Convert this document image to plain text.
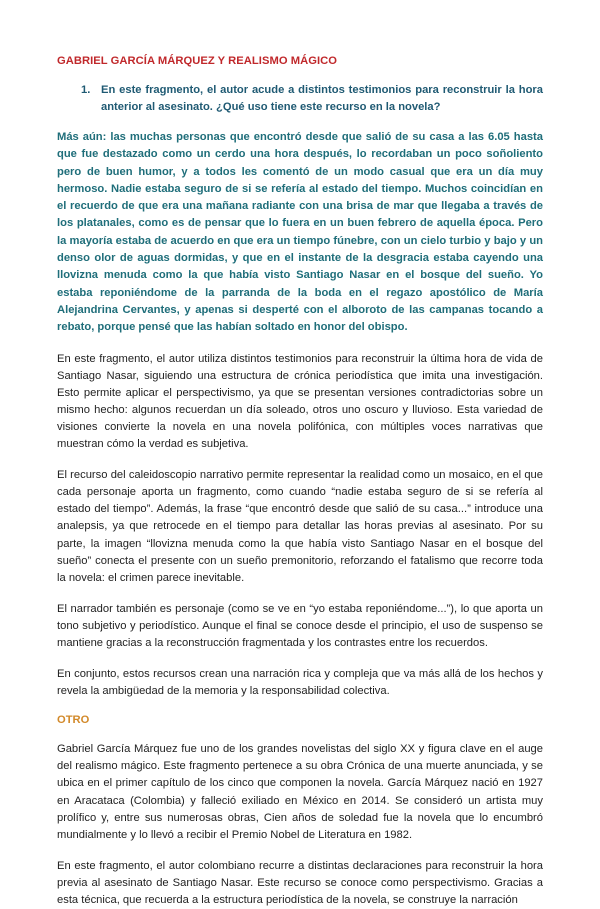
GABRIEL GARCÍA MÁRQUEZ Y REALISMO MÁGICO
1. En este fragmento, el autor acude a distintos testimonios para reconstruir la hora anterior al asesinato. ¿Qué uso tiene este recurso en la novela?
Más aún: las muchas personas que encontró desde que salió de su casa a las 6.05 hasta que fue destazado como un cerdo una hora después, lo recordaban un poco soñoliento pero de buen humor, y a todos les comentó de un modo casual que era un día muy hermoso. Nadie estaba seguro de si se refería al estado del tiempo. Muchos coincidían en el recuerdo de que era una mañana radiante con una brisa de mar que llegaba a través de los platanales, como es de pensar que lo fuera en un buen febrero de aquella época. Pero la mayoría estaba de acuerdo en que era un tiempo fúnebre, con un cielo turbio y bajo y un denso olor de aguas dormidas, y que en el instante de la desgracia estaba cayendo una llovizna menuda como la que había visto Santiago Nasar en el bosque del sueño. Yo estaba reponiéndome de la parranda de la boda en el regazo apostólico de María Alejandrina Cervantes, y apenas si desperté con el alboroto de las campanas tocando a rebato, porque pensé que las habían soltado en honor del obispo.

En este fragmento, el autor utiliza distintos testimonios para reconstruir la última hora de vida de Santiago Nasar, siguiendo una estructura de crónica periodística que imita una investigación. Esto permite aplicar el perspectivismo, ya que se presentan versiones contradictorias sobre un mismo hecho: algunos recuerdan un día soleado, otros uno oscuro y lluvioso. Esta variedad de visiones convierte la novela en una novela polifónica, con múltiples voces narrativas que muestran cómo la verdad es subjetiva.

El recurso del caleidoscopio narrativo permite representar la realidad como un mosaico, en el que cada personaje aporta un fragmento, como cuando “nadie estaba seguro de si se refería al estado del tiempo”. Además, la frase “que encontró desde que salió de su casa...” introduce una analepsis, ya que retrocede en el tiempo para detallar las horas previas al asesinato. Por su parte, la imagen “llovizna menuda como la que había visto Santiago Nasar en el bosque del sueño” conecta el presente con un sueño premonitorio, reforzando el fatalismo que recorre toda la novela: el crimen parece inevitable.

El narrador también es personaje (como se ve en “yo estaba reponiéndome...”), lo que aporta un tono subjetivo y periodístico. Aunque el final se conoce desde el principio, el uso de suspenso se mantiene gracias a la reconstrucción fragmentada y los contrastes entre los recuerdos.

En conjunto, estos recursos crean una narración rica y compleja que va más allá de los hechos y revela la ambigüedad de la memoria y la responsabilidad colectiva.

OTRO

Gabriel García Márquez fue uno de los grandes novelistas del siglo XX y figura clave en el auge del realismo mágico. Este fragmento pertenece a su obra Crónica de una muerte anunciada, y se ubica en el primer capítulo de los cinco que componen la novela. García Márquez nació en 1927 en Aracataca (Colombia) y falleció exiliado en México en 2014. Se consideró un artista muy prolífico y, entre sus numerosas obras, Cien años de soledad fue la novela que lo encumbró mundialmente y lo llevó a recibir el Premio Nobel de Literatura en 1982.

En este fragmento, el autor colombiano recurre a distintas declaraciones para reconstruir la hora previa al asesinato de Santiago Nasar. Este recurso se conoce como perspectivismo. Gracias a esta técnica, que recuerda a la estructura periodística de la novela, se construye la narración
